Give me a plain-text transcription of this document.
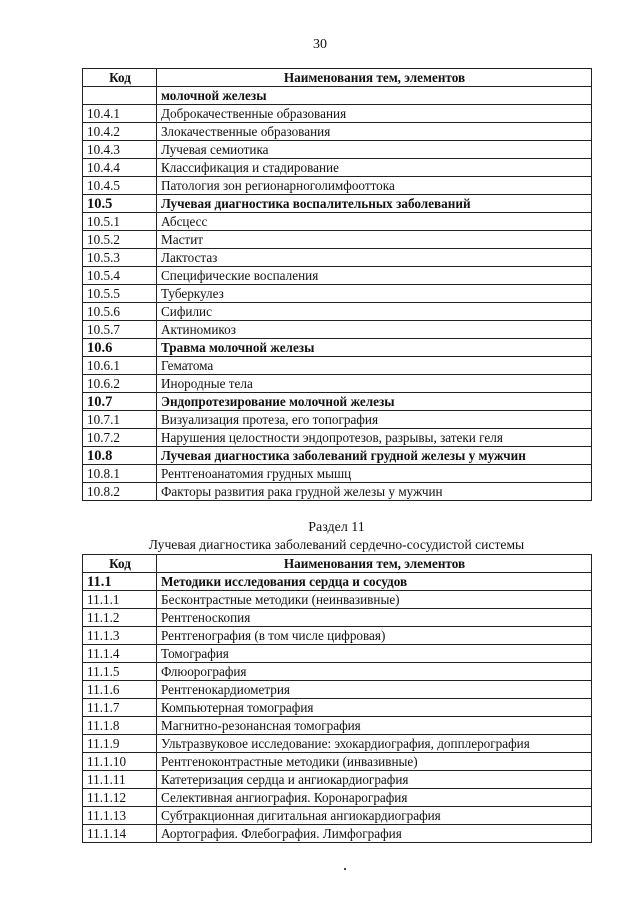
30
Код	Наименования тем, элементов
	молочной железы
10.4.1	Доброкачественные образования
10.4.2	Злокачественные образования
10.4.3	Лучевая семиотика
10.4.4	Классификация и стадирование
10.4.5	Патология зон регионарноголимфооттока
10.5	Лучевая диагностика воспалительных заболеваний
10.5.1	Абсцесс
10.5.2	Мастит
10.5.3	Лактостаз
10.5.4	Специфические воспаления
10.5.5	Туберкулез
10.5.6	Сифилис
10.5.7	Актиномикоз
10.6	Травма молочной железы
10.6.1	Гематома
10.6.2	Инородные тела
10.7	Эндопротезирование молочной железы
10.7.1	Визуализация протеза, его топография
10.7.2	Нарушения целостности эндопротезов, разрывы, затеки геля
10.8	Лучевая диагностика заболеваний грудной железы у мужчин
10.8.1	Рентгеноанатомия грудных мышц
10.8.2	Факторы развития рака грудной железы у мужчин
Раздел 11
Лучевая диагностика заболеваний сердечно-сосудистой системы
Код	Наименования тем, элементов
11.1	Методики исследования сердца и сосудов
11.1.1	Бесконтрастные методики (неинвазивные)
11.1.2	Рентгеноскопия
11.1.3	Рентгенография (в том числе цифровая)
11.1.4	Томография
11.1.5	Флюорография
11.1.6	Рентгенокардиометрия
11.1.7	Компьютерная томография
11.1.8	Магнитно-резонансная томография
11.1.9	Ультразвуковое исследование: эхокардиография, допплерография
11.1.10	Рентгеноконтрастные методики (инвазивные)
11.1.11	Катетеризация сердца и ангиокардиография
11.1.12	Селективная ангиография. Коронарография
11.1.13	Субтракционная дигитальная ангиокардиография
11.1.14	Аортография. Флебография. Лимфография
